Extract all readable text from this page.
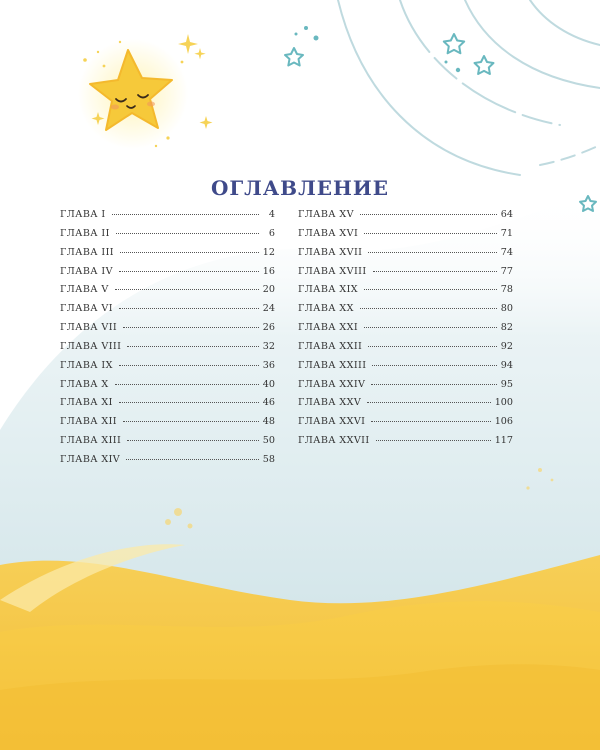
ОГЛАВЛЕНИЕ
ГЛАВА I	4
ГЛАВА II	6
ГЛАВА III	12
ГЛАВА IV	16
ГЛАВА V	20
ГЛАВА VI	24
ГЛАВА VII	26
ГЛАВА VIII	32
ГЛАВА IX	36
ГЛАВА X	40
ГЛАВА XI	46
ГЛАВА XII	48
ГЛАВА XIII	50
ГЛАВА XIV	58
ГЛАВА XV	64
ГЛАВА XVI	71
ГЛАВА XVII	74
ГЛАВА XVIII	77
ГЛАВА XIX	78
ГЛАВА XX	80
ГЛАВА XXI	82
ГЛАВА XXII	92
ГЛАВА XXIII	94
ГЛАВА XXIV	95
ГЛАВА XXV	100
ГЛАВА XXVI	106
ГЛАВА XXVII	117
